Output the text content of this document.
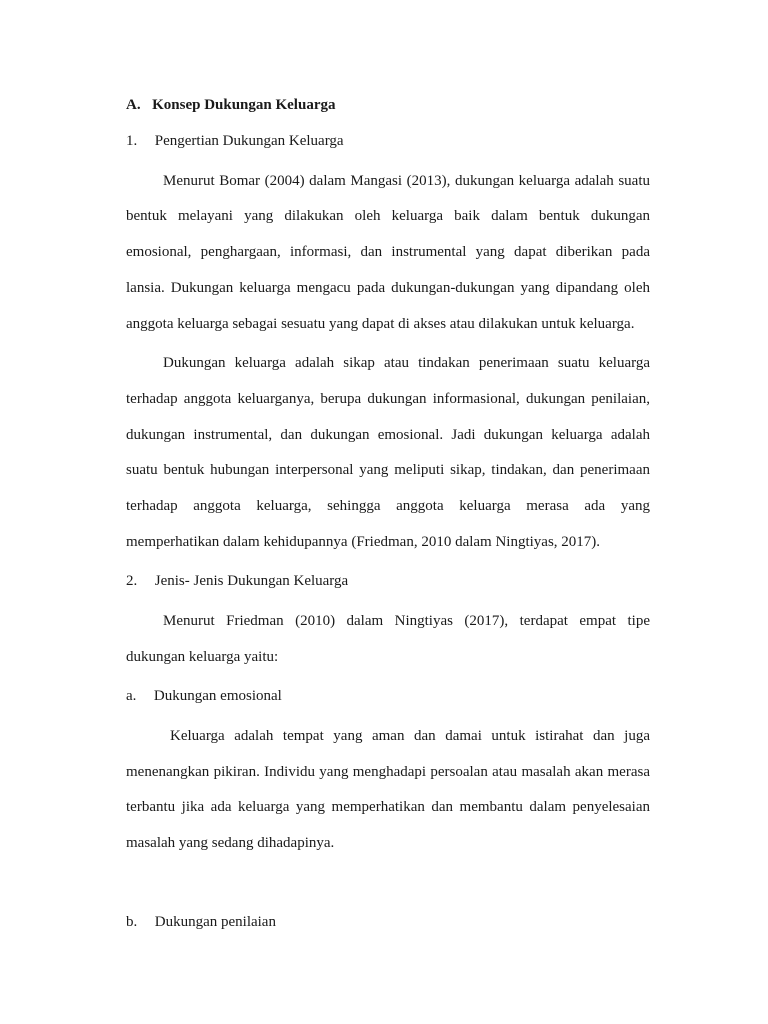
A. Konsep Dukungan Keluarga
1. Pengertian Dukungan Keluarga
Menurut Bomar (2004) dalam Mangasi (2013), dukungan keluarga adalah suatu
bentuk melayani yang dilakukan oleh keluarga baik dalam bentuk dukungan
emosional, penghargaan, informasi, dan instrumental yang dapat diberikan pada
lansia. Dukungan keluarga mengacu pada dukungan-dukungan yang dipandang oleh
anggota keluarga sebagai sesuatu yang dapat di akses atau dilakukan untuk keluarga.
Dukungan keluarga adalah sikap atau tindakan penerimaan suatu keluarga
terhadap anggota keluarganya, berupa dukungan informasional, dukungan penilaian,
dukungan instrumental, dan dukungan emosional. Jadi dukungan keluarga adalah
suatu bentuk hubungan interpersonal yang meliputi sikap, tindakan, dan penerimaan
terhadap anggota keluarga, sehingga anggota keluarga merasa ada yang
memperhatikan dalam kehidupannya (Friedman, 2010 dalam Ningtiyas, 2017).
2. Jenis- Jenis Dukungan Keluarga
Menurut Friedman (2010) dalam Ningtiyas (2017), terdapat empat tipe
dukungan keluarga yaitu:
a. Dukungan emosional
Keluarga adalah tempat yang aman dan damai untuk istirahat dan juga
menenangkan pikiran. Individu yang menghadapi persoalan atau masalah akan merasa
terbantu jika ada keluarga yang memperhatikan dan membantu dalam penyelesaian
masalah yang sedang dihadapinya.
b. Dukungan penilaian
